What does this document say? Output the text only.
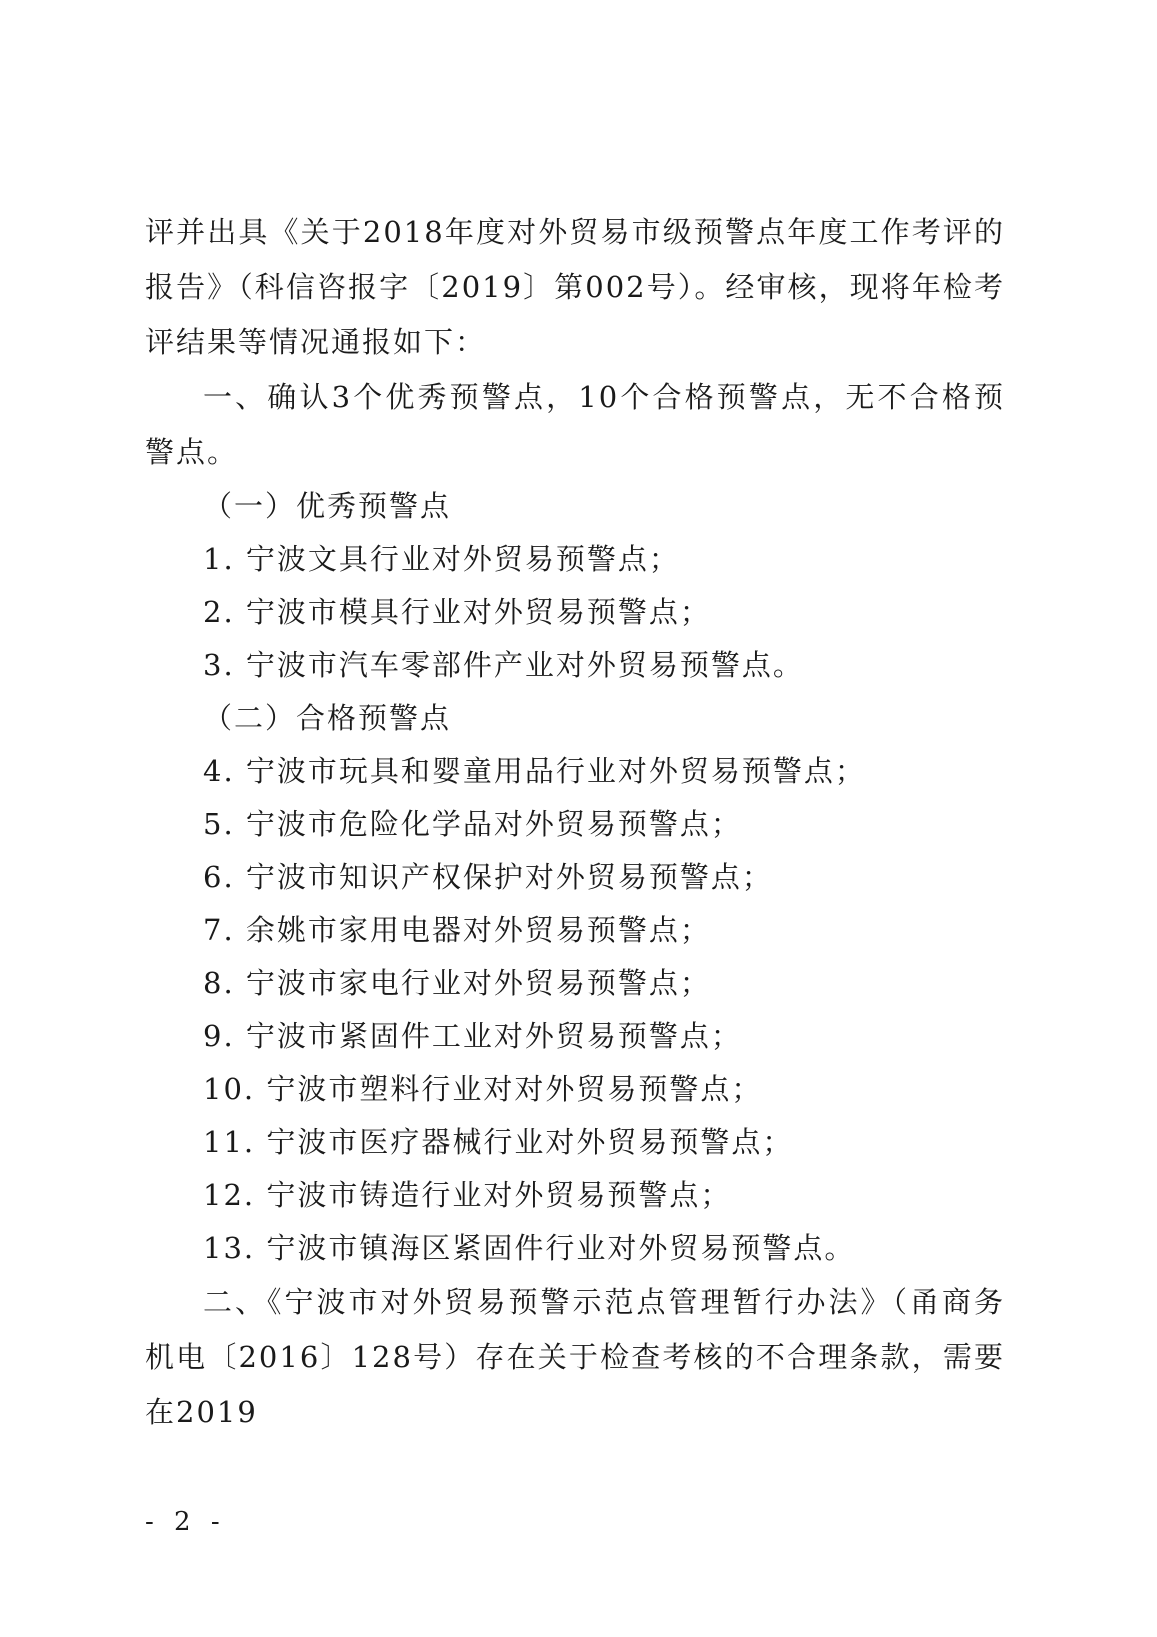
评并出具《关于2018年度对外贸易市级预警点年度工作考评的报告》（科信咨报字〔2019〕第002号）。经审核，现将年检考评结果等情况通报如下：

一、确认3个优秀预警点，10个合格预警点，无不合格预警点。

（一）优秀预警点

1. 宁波文具行业对外贸易预警点；

2. 宁波市模具行业对外贸易预警点；

3. 宁波市汽车零部件产业对外贸易预警点。

（二）合格预警点

4. 宁波市玩具和婴童用品行业对外贸易预警点；

5. 宁波市危险化学品对外贸易预警点；

6. 宁波市知识产权保护对外贸易预警点；

7. 余姚市家用电器对外贸易预警点；

8. 宁波市家电行业对外贸易预警点；

9. 宁波市紧固件工业对外贸易预警点；

10. 宁波市塑料行业对对外贸易预警点；

11. 宁波市医疗器械行业对外贸易预警点；

12. 宁波市铸造行业对外贸易预警点；

13. 宁波市镇海区紧固件行业对外贸易预警点。

二、《宁波市对外贸易预警示范点管理暂行办法》（甬商务机电〔2016〕128号）存在关于检查考核的不合理条款，需要在2019

- 2 -
